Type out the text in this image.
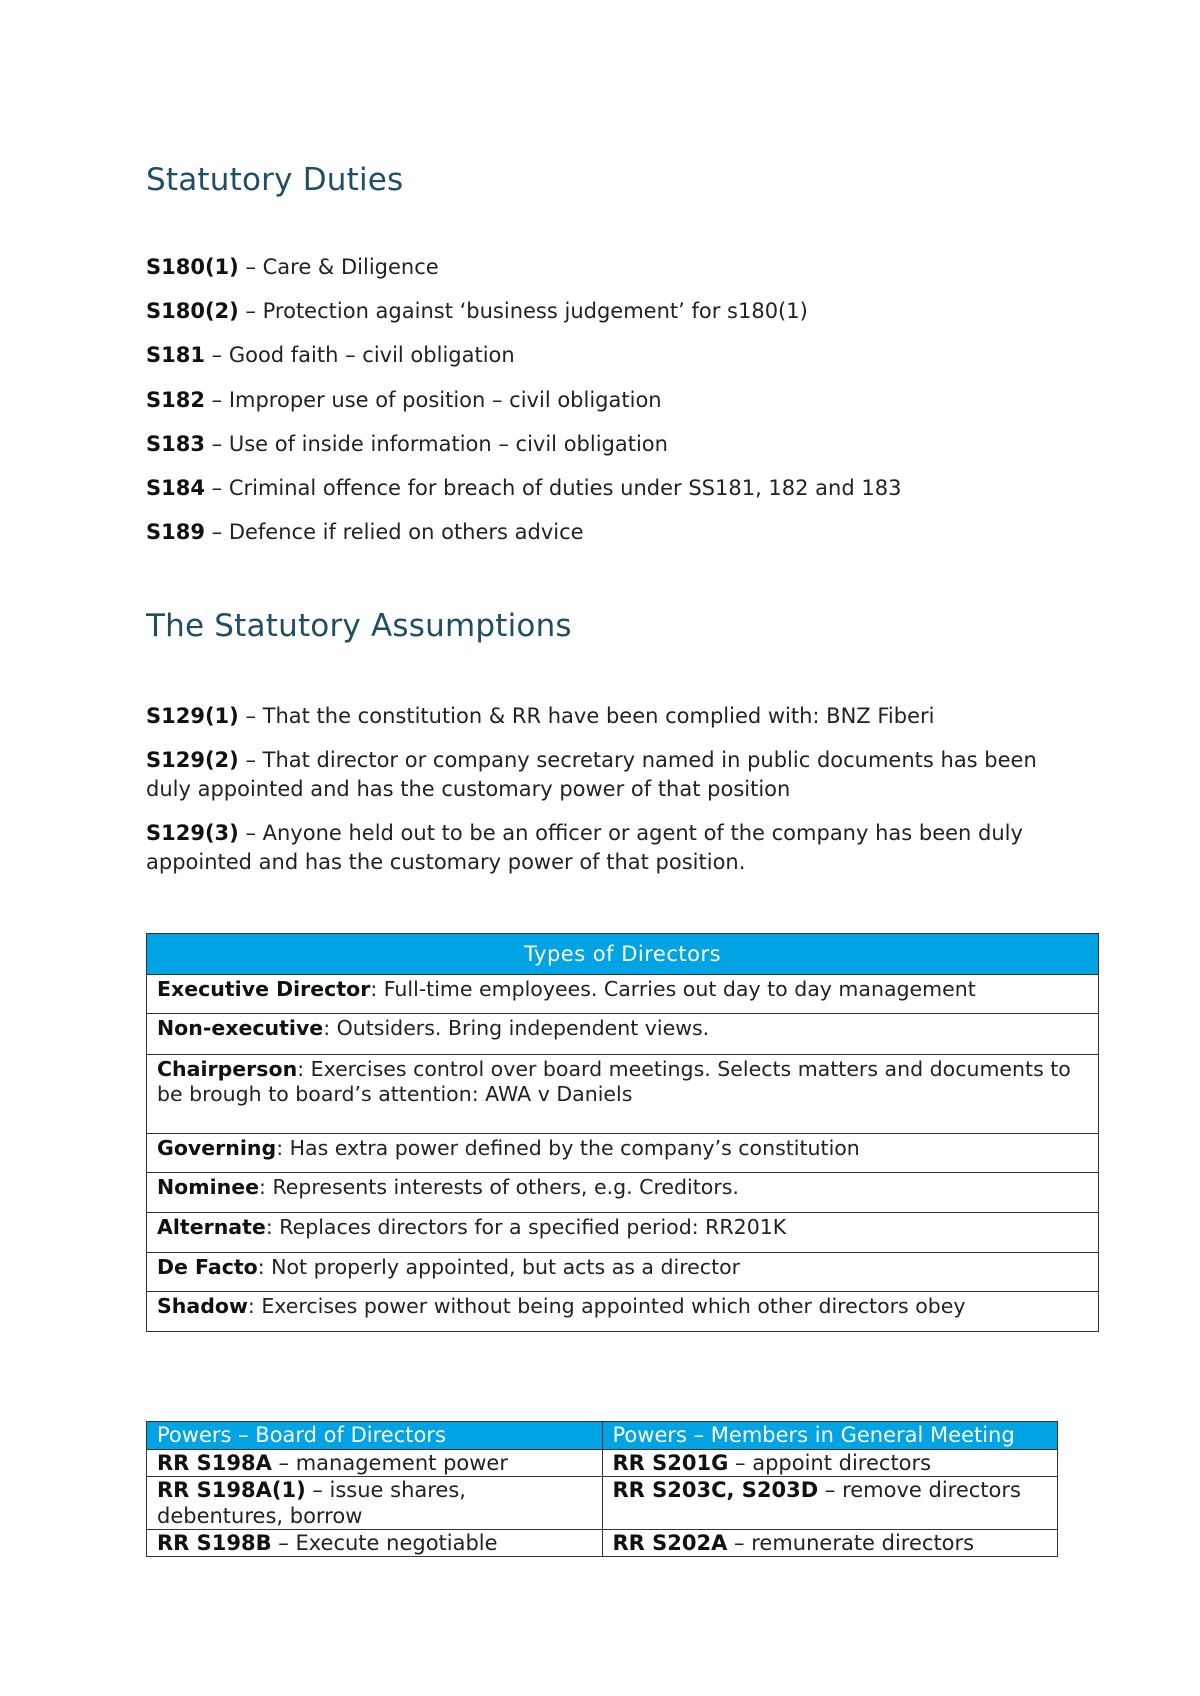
Statutory Duties
S180(1) – Care & Diligence
S180(2) – Protection against ‘business judgement’ for s180(1)
S181 – Good faith – civil obligation
S182 – Improper use of position – civil obligation
S183 – Use of inside information – civil obligation
S184 – Criminal offence for breach of duties under SS181, 182 and 183
S189 – Defence if relied on others advice
The Statutory Assumptions
S129(1) – That the constitution & RR have been complied with: BNZ Fiberi
S129(2) – That director or company secretary named in public documents has been duly appointed and has the customary power of that position
S129(3) – Anyone held out to be an officer or agent of the company has been duly appointed and has the customary power of that position.
Types of Directors
Executive Director: Full-time employees. Carries out day to day management
Non-executive: Outsiders. Bring independent views.
Chairperson: Exercises control over board meetings. Selects matters and documents to be brough to board’s attention: AWA v Daniels
Governing: Has extra power defined by the company’s constitution
Nominee: Represents interests of others, e.g. Creditors.
Alternate: Replaces directors for a specified period: RR201K
De Facto: Not properly appointed, but acts as a director
Shadow: Exercises power without being appointed which other directors obey
Powers – Board of Directors	Powers – Members in General Meeting
RR S198A – management power	RR S201G – appoint directors
RR S198A(1) – issue shares, debentures, borrow	RR S203C, S203D – remove directors
RR S198B – Execute negotiable	RR S202A – remunerate directors
